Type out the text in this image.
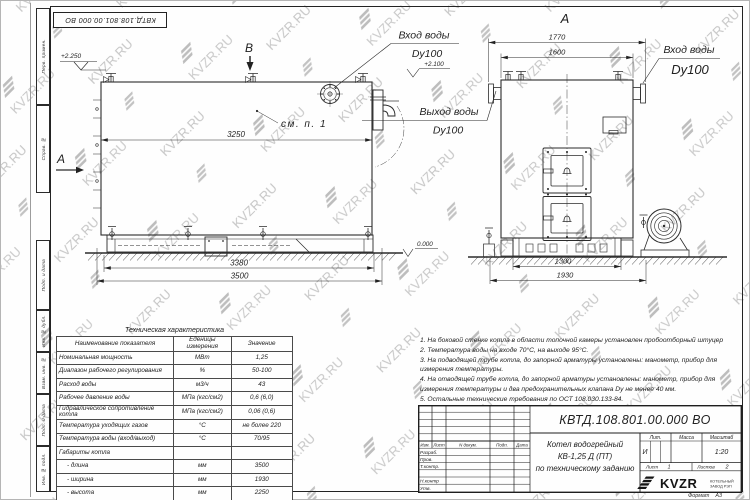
Перв. примен.
Справ. №
Подп. и дата
Инв. № дубл.
Взам. инв. №
Подп. и дата
Инв. № подл.
КВТД.108.801.00.000 ВО
3250
3380
3500
+2.250
+2.100
0.000
В
А
см. п. 1
Вход воды
Dy100
Выход воды
Dy100
А
1770
1600
1300
1930
Вход воды
Dy100
Техническая характеристика
Наименование показателя	Еденицы измерения	Значение
Номинальная мощность	МВт	1,25
Диапазон рабочего регулирования	%	50-100
Расход воды	м3/ч	43
Рабочее давление воды	МПа (кгс/см2)	0,6 (6,0)
Гидравлическое сопротивление котла	МПа (кгс/см2)	0,06 (0,6)
Температура уходящих газов	°С	не более 220
Температура воды (вход/выход)	°С	70/95
Габариты котла		
- длина	мм	3500
- ширина	мм	1930
- высота	мм	2250
1. На боковой стенке котла в области топочной камеры установлен пробоотборный штуцер
2. Температура воды на входе 70°С, на выходе 95°С.
3. На подводящей трубе котла, до запорной арматуры установлены: манометр, прибор для измерения температуры.
4. На отводящей трубе котла, до запорной арматуры установлены: манометр, прибор для измерения температуры и два предохранительных клапана Dу не менее 40 мм.
5. Остальные технические требования по ОСТ 108.030.133-84.
КВТД.108.801.00.000 ВО
Изм. Лист	N докум.	Подп. Дата
Разраб.
Пров.
Т.контр.
Н.контр
Утв.
Котел водогрейный
КВ-1,25 Д (ПТ)
по техническому заданию
Лит.	Масса	Масштаб
И	1:20
Лист 1	Листов 2
KVZR	КОТЕЛЬНЫЙ
ЗАВОД РЭП
Формат А3
